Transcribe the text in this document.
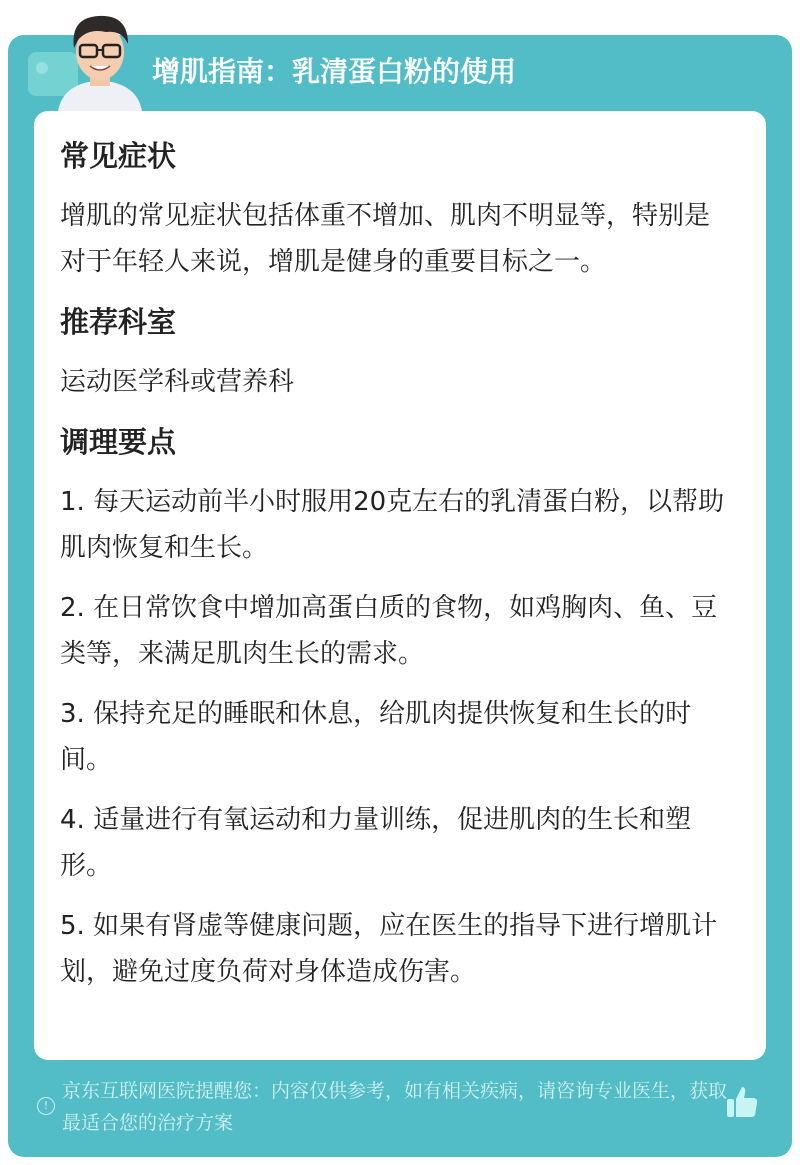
增肌指南：乳清蛋白粉的使用
常见症状

增肌的常见症状包括体重不增加、肌肉不明显等，特别是对于年轻人来说，增肌是健身的重要目标之一。

推荐科室

运动医学科或营养科

调理要点

1. 每天运动前半小时服用20克左右的乳清蛋白粉，以帮助肌肉恢复和生长。

2. 在日常饮食中增加高蛋白质的食物，如鸡胸肉、鱼、豆类等，来满足肌肉生长的需求。

3. 保持充足的睡眠和休息，给肌肉提供恢复和生长的时间。

4. 适量进行有氧运动和力量训练，促进肌肉的生长和塑形。

5. 如果有肾虚等健康问题，应在医生的指导下进行增肌计划，避免过度负荷对身体造成伤害。

!
京东互联网医院提醒您：内容仅供参考，如有相关疾病，请咨询专业医生，获取最适合您的治疗方案
